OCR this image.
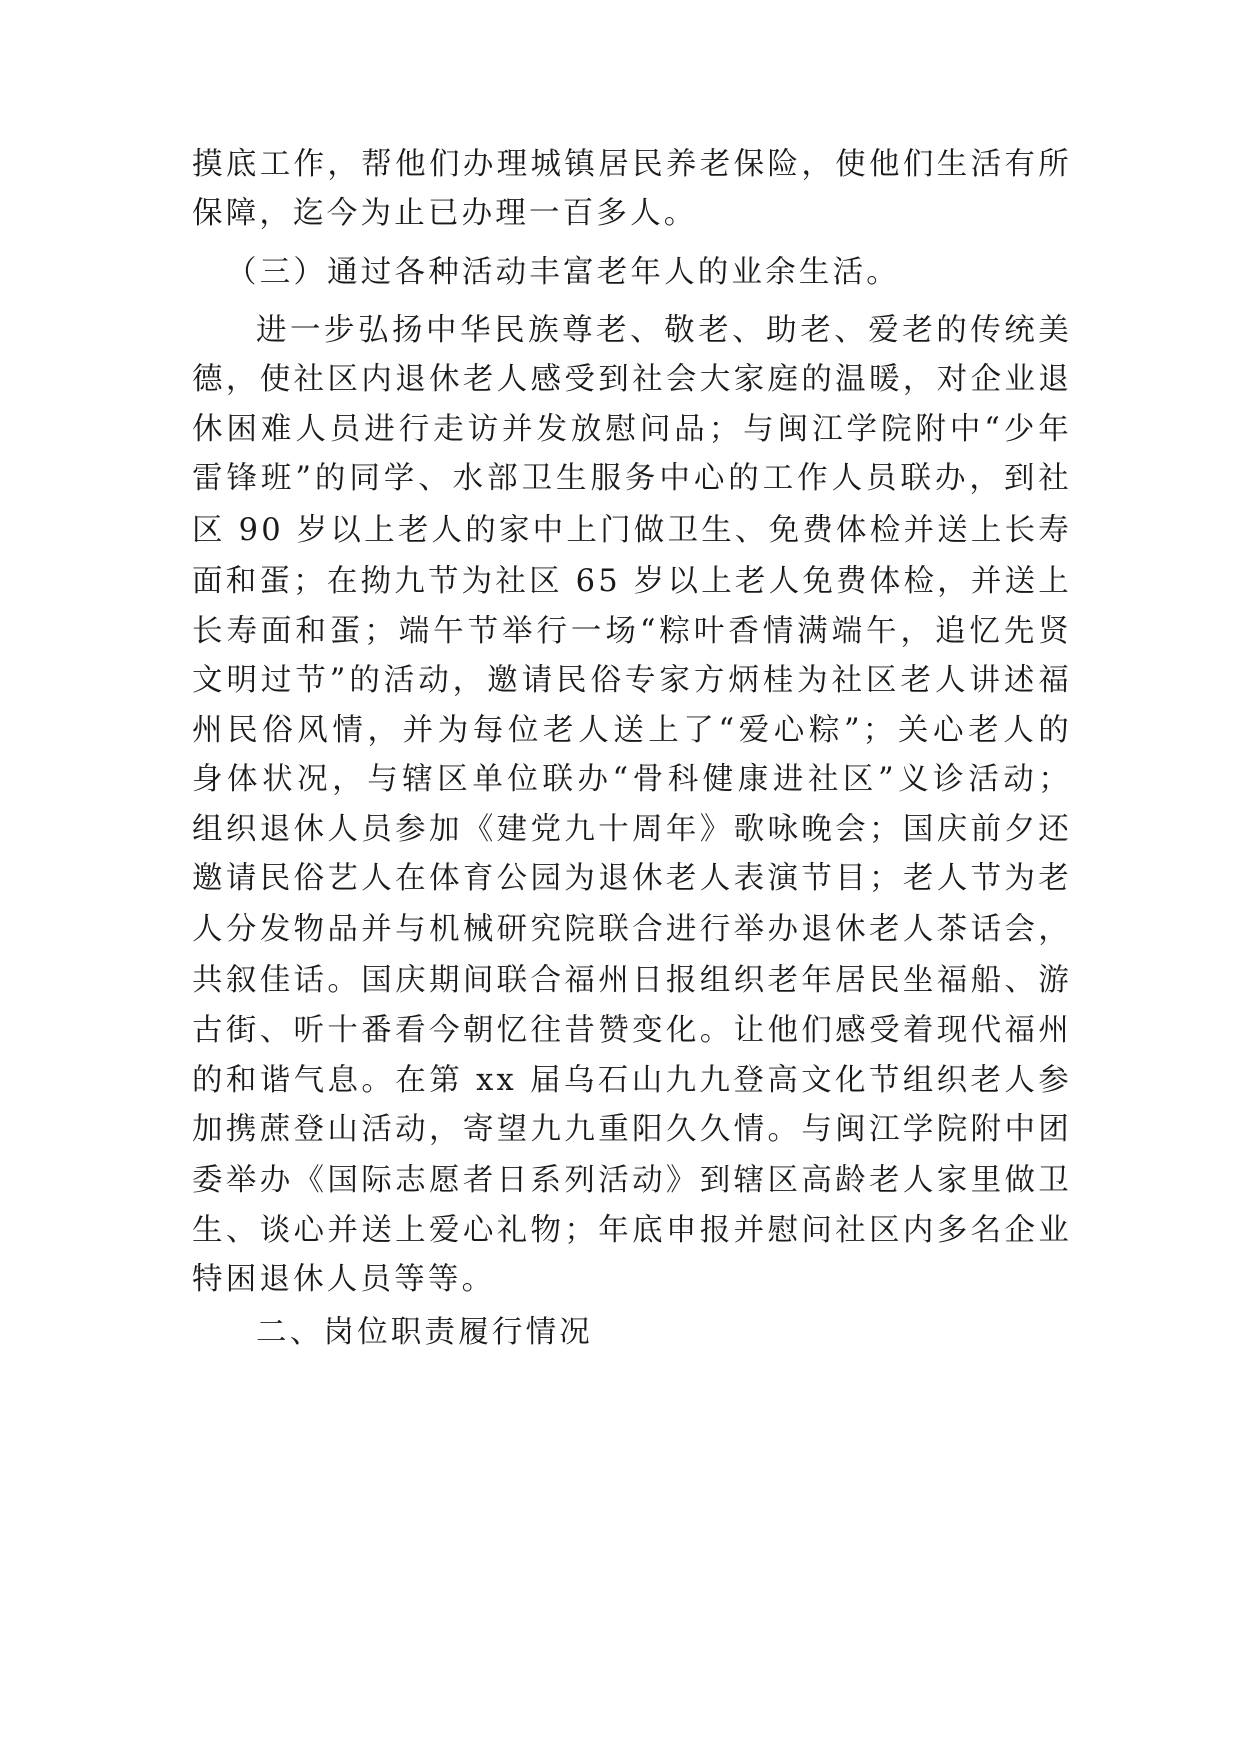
摸底工作，帮他们办理城镇居民养老保险，使他们生活有所
保障，迄今为止已办理一百多人。
（三）通过各种活动丰富老年人的业余生活。
进一步弘扬中华民族尊老、敬老、助老、爱老的传统美
德，使社区内退休老人感受到社会大家庭的温暖，对企业退
休困难人员进行走访并发放慰问品；与闽江学院附中“少年
雷锋班”的同学、水部卫生服务中心的工作人员联办，到社
区 90 岁以上老人的家中上门做卫生、免费体检并送上长寿
面和蛋；在拗九节为社区 65 岁以上老人免费体检，并送上
长寿面和蛋；端午节举行一场“粽叶香情满端午，追忆先贤
文明过节”的活动，邀请民俗专家方炳桂为社区老人讲述福
州民俗风情，并为每位老人送上了“爱心粽”；关心老人的
身体状况，与辖区单位联办“骨科健康进社区”义诊活动；
组织退休人员参加《建党九十周年》歌咏晚会；国庆前夕还
邀请民俗艺人在体育公园为退休老人表演节目；老人节为老
人分发物品并与机械研究院联合进行举办退休老人茶话会，
共叙佳话。国庆期间联合福州日报组织老年居民坐福船、游
古街、听十番看今朝忆往昔赞变化。让他们感受着现代福州
的和谐气息。在第 xx 届乌石山九九登高文化节组织老人参
加携蔗登山活动，寄望九九重阳久久情。与闽江学院附中团
委举办《国际志愿者日系列活动》到辖区高龄老人家里做卫
生、谈心并送上爱心礼物；年底申报并慰问社区内多名企业
特困退休人员等等。
二、岗位职责履行情况
